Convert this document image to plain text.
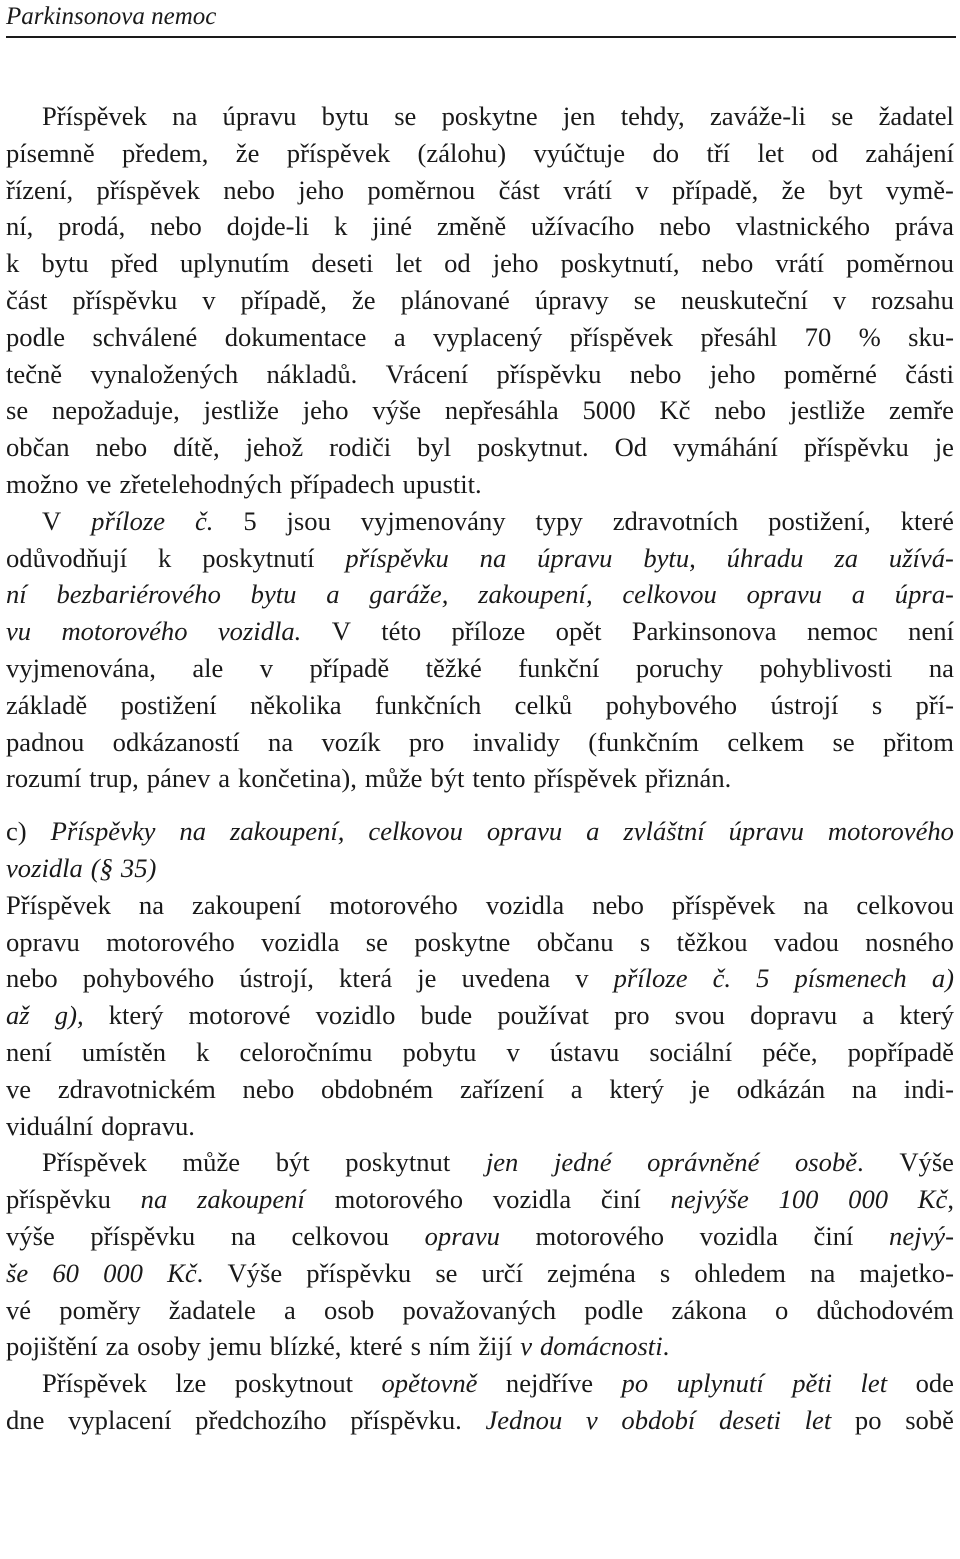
Parkinsonova nemoc
Příspěvek na úpravu bytu se poskytne jen tehdy, zaváže-li se žadatel
písemně předem, že příspěvek (zálohu) vyúčtuje do tří let od zahájení
řízení, příspěvek nebo jeho poměrnou část vrátí v případě, že byt vymě-
ní, prodá, nebo dojde-li k jiné změně užívacího nebo vlastnického práva
k bytu před uplynutím deseti let od jeho poskytnutí, nebo vrátí poměrnou
část příspěvku v případě, že plánované úpravy se neuskuteční v rozsahu
podle schválené dokumentace a vyplacený příspěvek přesáhl 70 % sku-
tečně vynaložených nákladů. Vrácení příspěvku nebo jeho poměrné části
se nepožaduje, jestliže jeho výše nepřesáhla 5000 Kč nebo jestliže zemře
občan nebo dítě, jehož rodiči byl poskytnut. Od vymáhání příspěvku je
možno ve zřetelehodných případech upustit.
V příloze č. 5 jsou vyjmenovány typy zdravotních postižení, které
odůvodňují k poskytnutí příspěvku na úpravu bytu, úhradu za užívá-
ní bezbariérového bytu a garáže, zakoupení, celkovou opravu a úpra-
vu motorového vozidla. V této příloze opět Parkinsonova nemoc není
vyjmenována, ale v případě těžké funkční poruchy pohyblivosti na
základě postižení několika funkčních celků pohybového ústrojí s pří-
padnou odkázaností na vozík pro invalidy (funkčním celkem se přitom
rozumí trup, pánev a končetina), může být tento příspěvek přiznán.
c) Příspěvky na zakoupení, celkovou opravu a zvláštní úpravu motorového
vozidla (§ 35)
Příspěvek na zakoupení motorového vozidla nebo příspěvek na celkovou
opravu motorového vozidla se poskytne občanu s těžkou vadou nosného
nebo pohybového ústrojí, která je uvedena v příloze č. 5 písmenech a)
až g), který motorové vozidlo bude používat pro svou dopravu a který
není umístěn k celoročnímu pobytu v ústavu sociální péče, popřípadě
ve zdravotnickém nebo obdobném zařízení a který je odkázán na indi-
viduální dopravu.
Příspěvek může být poskytnut jen jedné oprávněné osobě. Výše
příspěvku na zakoupení motorového vozidla činí nejvýše 100 000 Kč,
výše příspěvku na celkovou opravu motorového vozidla činí nejvý-
še 60 000 Kč. Výše příspěvku se určí zejména s ohledem na majetko-
vé poměry žadatele a osob považovaných podle zákona o důchodovém
pojištění za osoby jemu blízké, které s ním žijí v domácnosti.
Příspěvek lze poskytnout opětovně nejdříve po uplynutí pěti let ode
dne vyplacení předchozího příspěvku. Jednou v období deseti let po sobě
